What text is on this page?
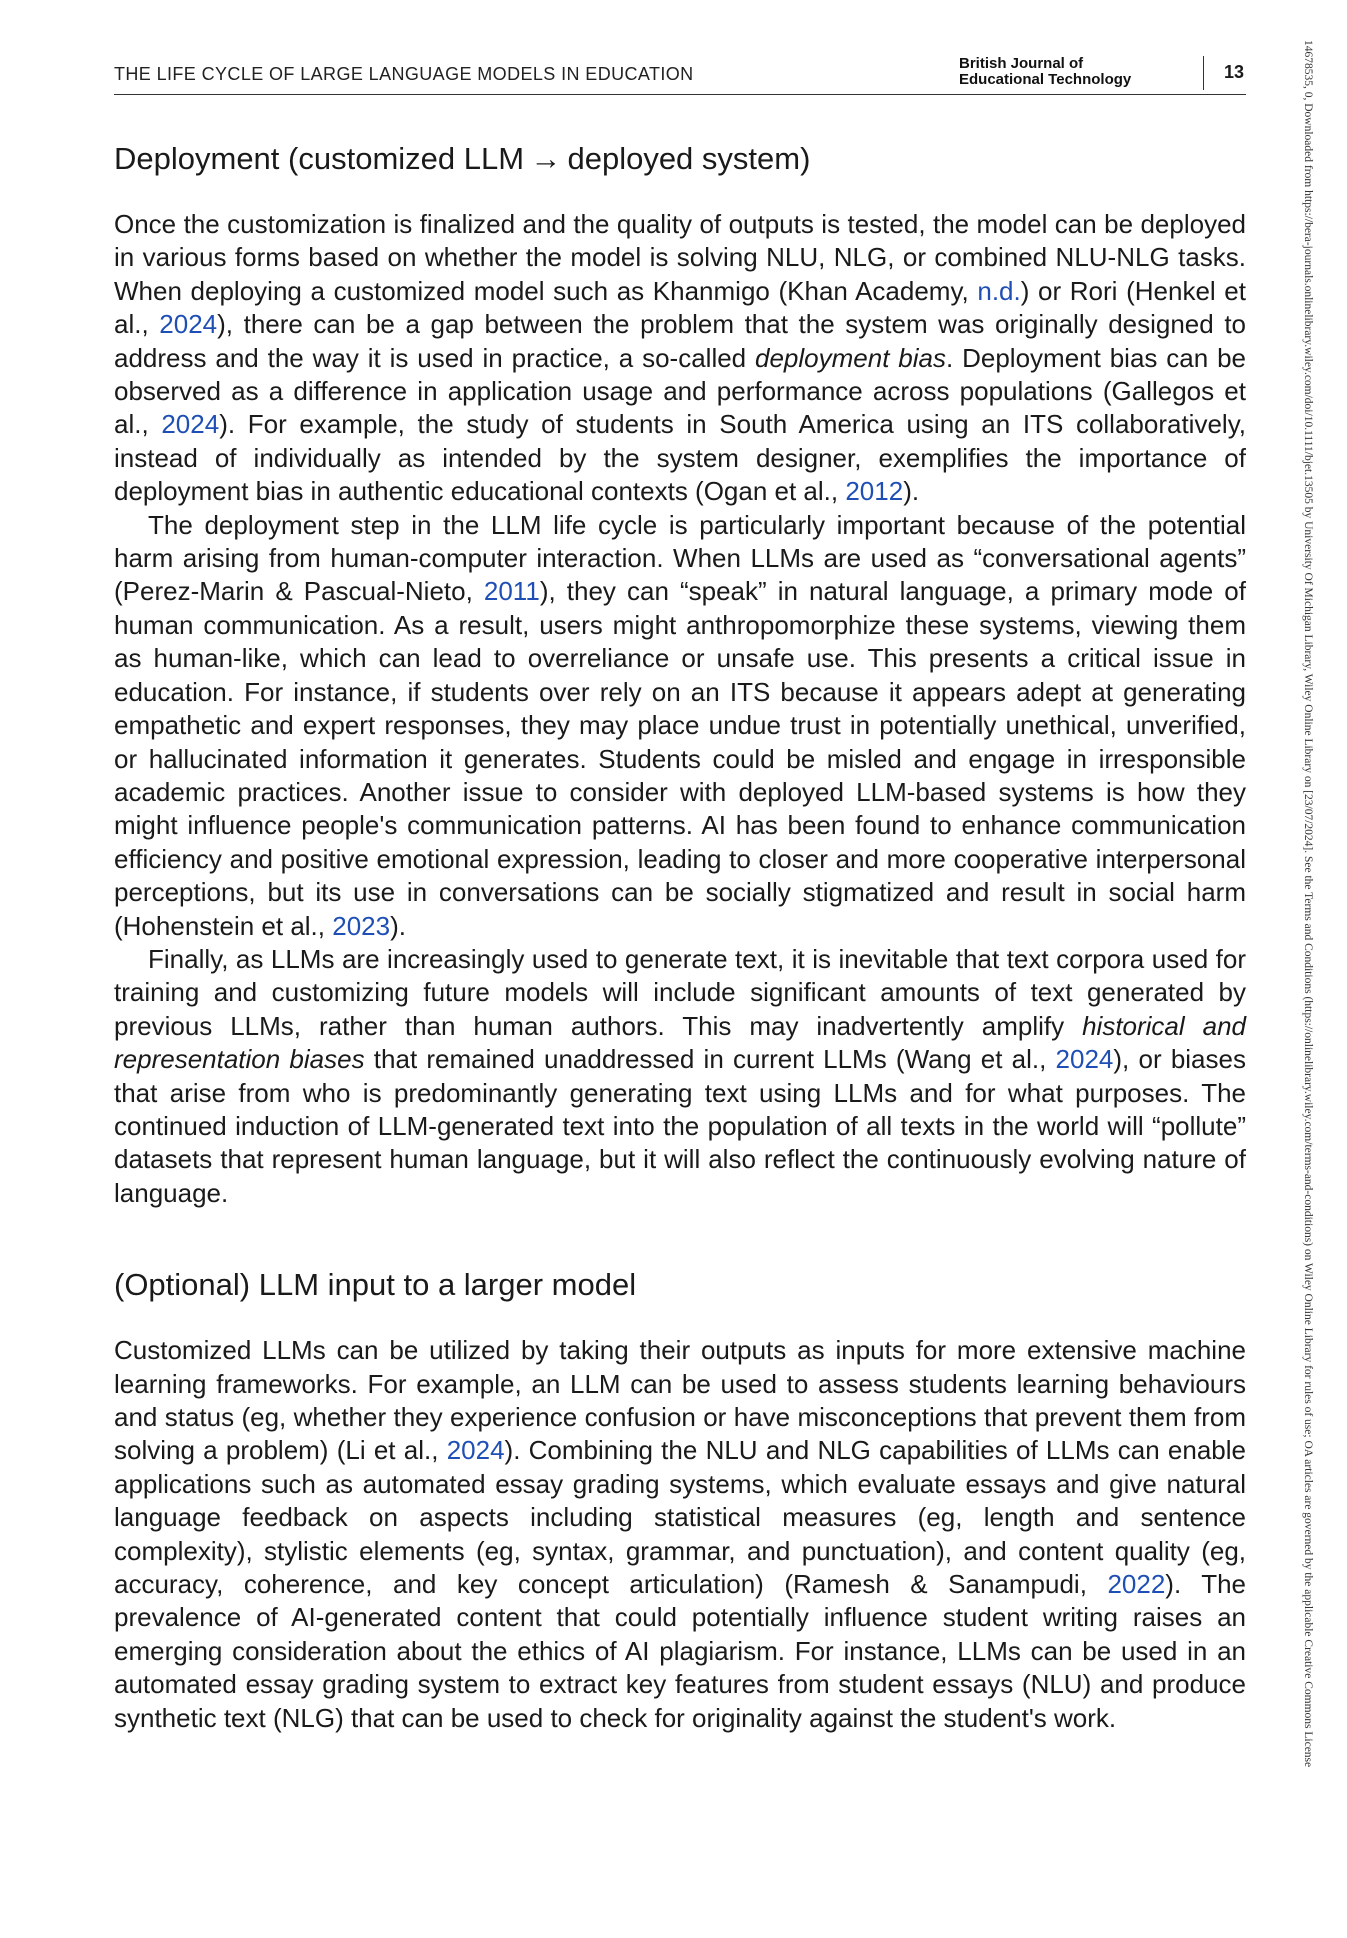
THE LIFE CYCLE OF LARGE LANGUAGE MODELS IN EDUCATION
British Journal of
Educational Technology	13	14678535, 0, Downloaded from https://bera-journals.onlinelibrary.wiley.com/doi/10.1111/bjet.13505 by University Of Michigan Library, Wiley Online Library on [23/07/2024]. See the Terms and Conditions (https://onlinelibrary.wiley.com/terms-and-conditions) on Wiley Online Library for rules of use; OA articles are governed by the applicable Creative Commons License
Deployment (customized LLM → deployed system)

Once the customization is finalized and the quality of outputs is tested, the model can be deployed in various forms based on whether the model is solving NLU, NLG, or combined NLU-NLG tasks. When deploying a customized model such as Khanmigo (Khan Academy, n.d.) or Rori (Henkel et al., 2024), there can be a gap between the problem that the system was originally designed to address and the way it is used in practice, a so-called deployment bias. Deployment bias can be observed as a difference in application usage and performance across populations (Gallegos et al., 2024). For example, the study of students in South America using an ITS collaboratively, instead of individually as intended by the system designer, exemplifies the importance of deployment bias in authentic educational contexts (Ogan et al., 2012).

The deployment step in the LLM life cycle is particularly important because of the potential harm arising from human-computer interaction. When LLMs are used as “conversational agents” (Perez-Marin & Pascual-Nieto, 2011), they can “speak” in natural language, a primary mode of human communication. As a result, users might anthropomorphize these systems, viewing them as human-like, which can lead to overreliance or unsafe use. This presents a critical issue in education. For instance, if students over rely on an ITS because it appears adept at generating empathetic and expert responses, they may place undue trust in potentially unethical, unverified, or hallucinated information it generates. Students could be misled and engage in irresponsible academic practices. Another issue to consider with deployed LLM-based systems is how they might influence people's communication patterns. AI has been found to enhance communication efficiency and positive emotional expression, leading to closer and more cooperative interpersonal perceptions, but its use in conversations can be socially stigmatized and result in social harm (Hohenstein et al., 2023).

Finally, as LLMs are increasingly used to generate text, it is inevitable that text corpora used for training and customizing future models will include significant amounts of text generated by previous LLMs, rather than human authors. This may inadvertently amplify historical and representation biases that remained unaddressed in current LLMs (Wang et al., 2024), or biases that arise from who is predominantly generating text using LLMs and for what purposes. The continued induction of LLM-generated text into the population of all texts in the world will “pollute” datasets that represent human language, but it will also reflect the continuously evolving nature of language.

(Optional) LLM input to a larger model

Customized LLMs can be utilized by taking their outputs as inputs for more extensive machine learning frameworks. For example, an LLM can be used to assess students learning behaviours and status (eg, whether they experience confusion or have misconceptions that prevent them from solving a problem) (Li et al., 2024). Combining the NLU and NLG capabilities of LLMs can enable applications such as automated essay grading systems, which evaluate essays and give natural language feedback on aspects including statistical measures (eg, length and sentence complexity), stylistic elements (eg, syntax, grammar, and punctuation), and content quality (eg, accuracy, coherence, and key concept articulation) (Ramesh & Sanampudi, 2022). The prevalence of AI-generated content that could potentially influence student writing raises an emerging consideration about the ethics of AI plagiarism. For instance, LLMs can be used in an automated essay grading system to extract key features from student essays (NLU) and produce synthetic text (NLG) that can be used to check for originality against the student's work.
